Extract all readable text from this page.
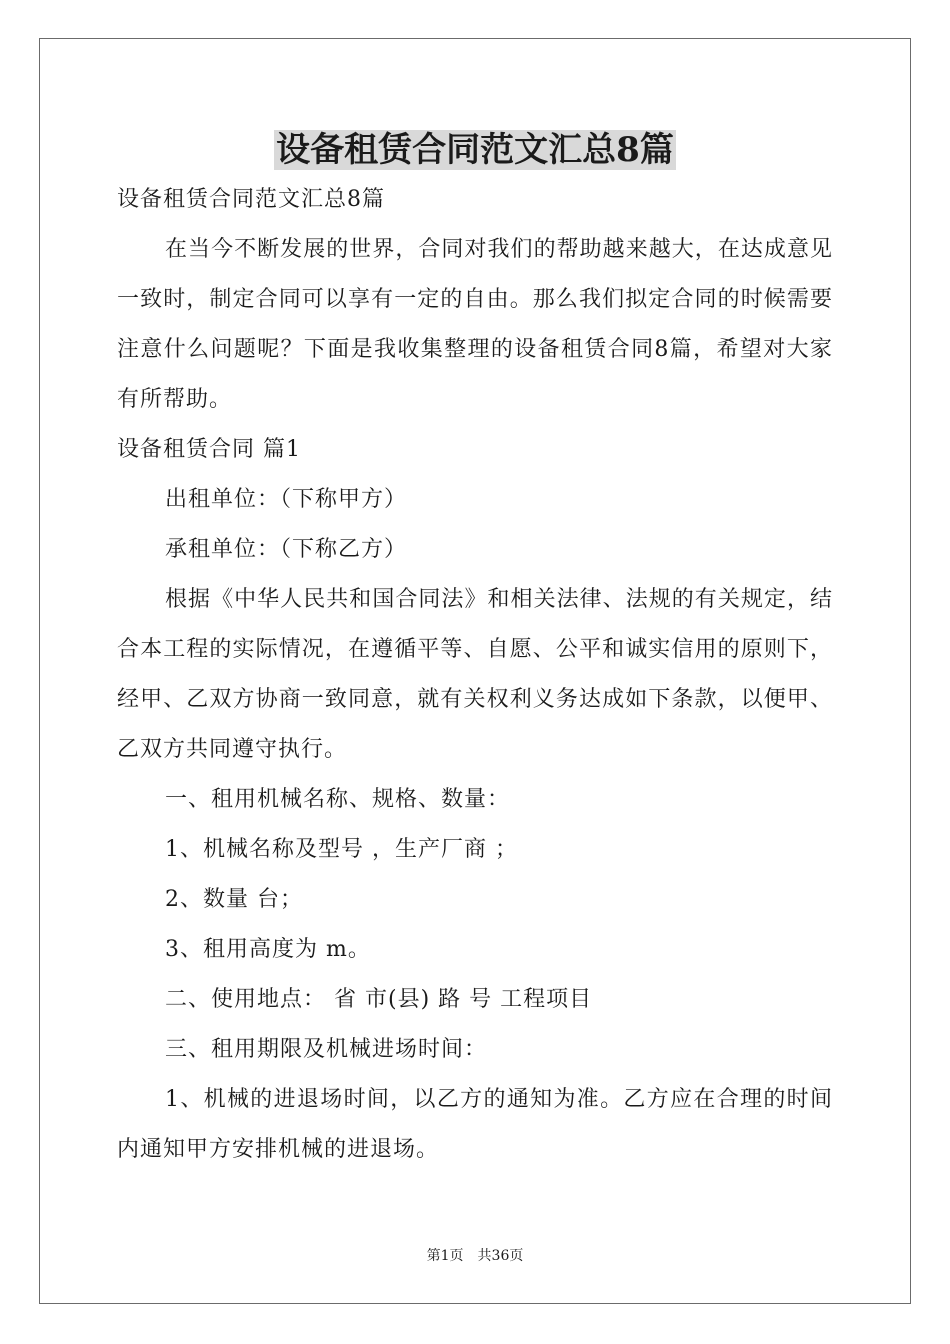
设备租赁合同范文汇总8篇

设备租赁合同范文汇总8篇

在当今不断发展的世界，合同对我们的帮助越来越大，在达成意见一致时，制定合同可以享有一定的自由。那么我们拟定合同的时候需要注意什么问题呢？下面是我收集整理的设备租赁合同8篇，希望对大家有所帮助。

设备租赁合同 篇1

出租单位：（下称甲方）

承租单位：（下称乙方）

根据《中华人民共和国合同法》和相关法律、法规的有关规定，结合本工程的实际情况，在遵循平等、自愿、公平和诚实信用的原则下，经甲、乙双方协商一致同意，就有关权利义务达成如下条款，以便甲、乙双方共同遵守执行。

一、租用机械名称、规格、数量：

1、机械名称及型号 ，生产厂商 ；

2、数量 台；

3、租用高度为 m。

二、使用地点： 省 市(县) 路 号 工程项目

三、租用期限及机械进场时间：

1、机械的进退场时间，以乙方的通知为准。乙方应在合理的时间内通知甲方安排机械的进退场。

第1页 共36页
